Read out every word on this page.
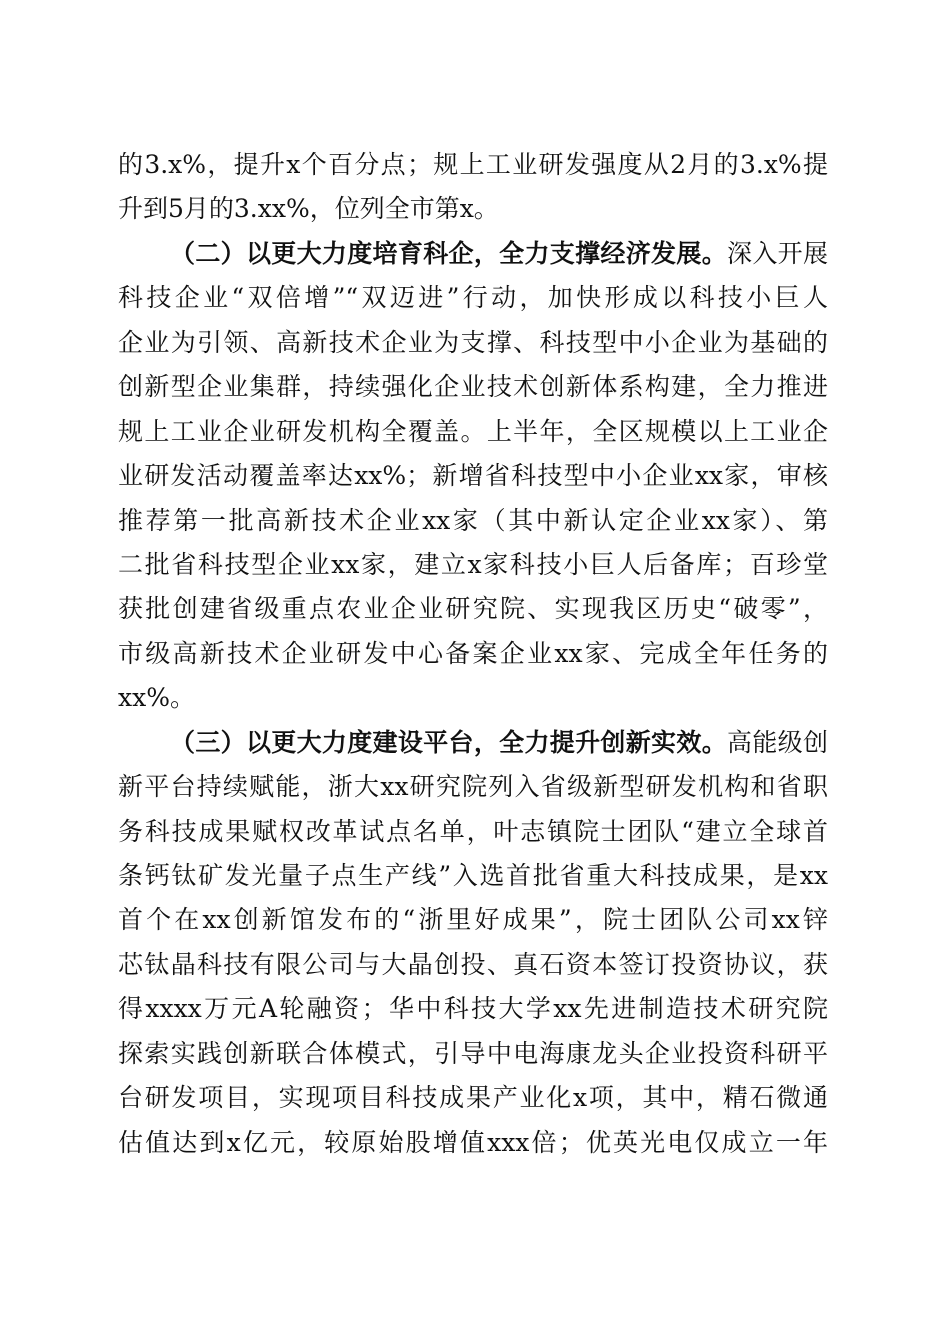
的3.x%，提升x个百分点；规上工业研发强度从2月的3.x%提
升到5月的3.xx%，位列全市第x。
（二）以更大力度培育科企，全力支撑经济发展。深入开展
科技企业“双倍增”“双迈进”行动，加快形成以科技小巨人
企业为引领、高新技术企业为支撑、科技型中小企业为基础的
创新型企业集群，持续强化企业技术创新体系构建，全力推进
规上工业企业研发机构全覆盖。上半年，全区规模以上工业企
业研发活动覆盖率达xx%；新增省科技型中小企业xx家，审核
推荐第一批高新技术企业xx家（其中新认定企业xx家）、第
二批省科技型企业xx家，建立x家科技小巨人后备库；百珍堂
获批创建省级重点农业企业研究院、实现我区历史“破零”，
市级高新技术企业研发中心备案企业xx家、完成全年任务的
xx%。
（三）以更大力度建设平台，全力提升创新实效。高能级创
新平台持续赋能，浙大xx研究院列入省级新型研发机构和省职
务科技成果赋权改革试点名单，叶志镇院士团队“建立全球首
条钙钛矿发光量子点生产线”入选首批省重大科技成果，是xx
首个在xx创新馆发布的“浙里好成果”，院士团队公司xx锌
芯钛晶科技有限公司与大晶创投、真石资本签订投资协议，获
得xxxx万元A轮融资；华中科技大学xx先进制造技术研究院
探索实践创新联合体模式，引导中电海康龙头企业投资科研平
台研发项目，实现项目科技成果产业化x项，其中，精石微通
估值达到x亿元，较原始股增值xxx倍；优英光电仅成立一年
